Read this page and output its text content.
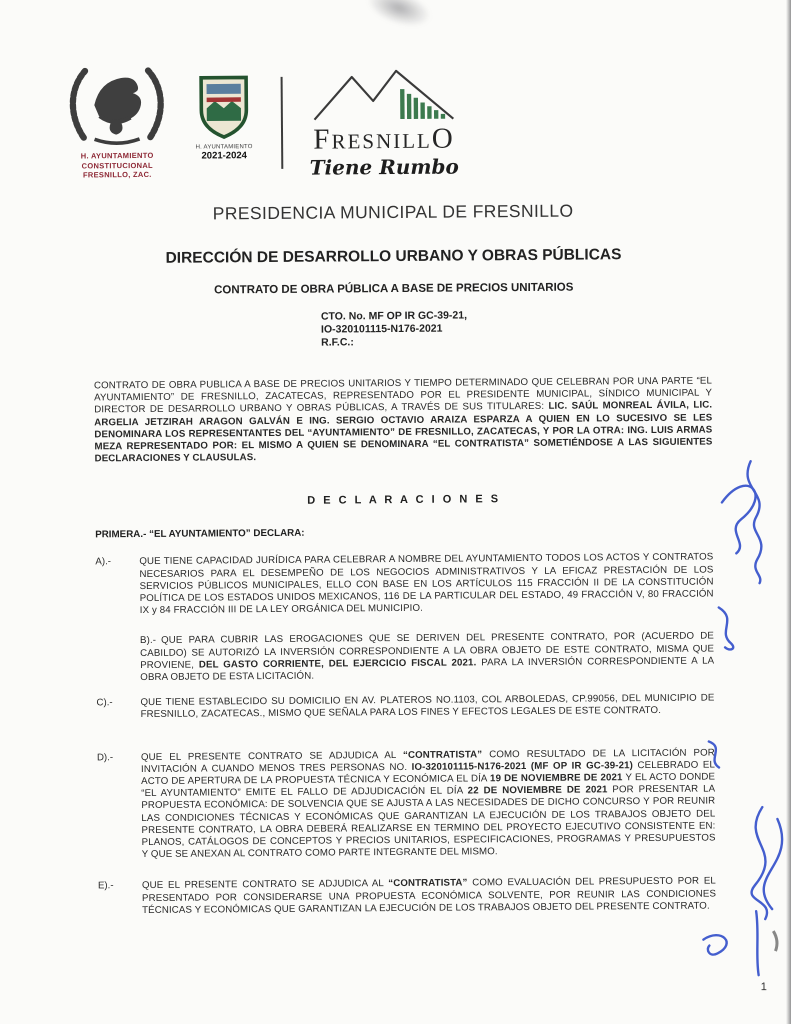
H. AYUNTAMIENTO
CONSTITUCIONAL
FRESNILLO, ZAC.
H. AYUNTAMIENTO
2021-2024
FRESNILLO
Tiene Rumbo
PRESIDENCIA MUNICIPAL DE FRESNILLO
DIRECCIÓN DE DESARROLLO URBANO Y OBRAS PÚBLICAS
CONTRATO DE OBRA PÚBLICA A BASE DE PRECIOS UNITARIOS
CTO. No. MF OP IR GC-39-21,
IO-320101115-N176-2021
R.F.C.:

CONTRATO DE OBRA PUBLICA A BASE DE PRECIOS UNITARIOS Y TIEMPO DETERMINADO QUE CELEBRAN POR UNA PARTE “EL AYUNTAMIENTO” DE FRESNILLO, ZACATECAS, REPRESENTADO POR EL PRESIDENTE MUNICIPAL, SÍNDICO MUNICIPAL Y DIRECTOR DE DESARROLLO URBANO Y OBRAS PÚBLICAS, A TRAVÉS DE SUS TITULARES: LIC. SAÚL MONREAL ÁVILA, LIC. ARGELIA JETZIRAH ARAGON GALVÁN E ING. SERGIO OCTAVIO ARAIZA ESPARZA A QUIEN EN LO SUCESIVO SE LES DENOMINARA LOS REPRESENTANTES DEL “AYUNTAMIENTO” DE FRESNILLO, ZACATECAS, Y POR LA OTRA: ING. LUIS ARMAS MEZA REPRESENTADO POR: EL MISMO A QUIEN SE DENOMINARA “EL CONTRATISTA” SOMETIÉNDOSE A LAS SIGUIENTES DECLARACIONES Y CLAUSULAS.

D E C L A R A C I O N E S
PRIMERA.- “EL AYUNTAMIENTO” DECLARA:
A).-	QUE TIENE CAPACIDAD JURÍDICA PARA CELEBRAR A NOMBRE DEL AYUNTAMIENTO TODOS LOS ACTOS Y CONTRATOS NECESARIOS PARA EL DESEMPEÑO DE LOS NEGOCIOS ADMINISTRATIVOS Y LA EFICAZ PRESTACIÓN DE LOS SERVICIOS PÚBLICOS MUNICIPALES, ELLO CON BASE EN LOS ARTÍCULOS 115 FRACCIÓN II DE LA CONSTITUCIÓN POLÍTICA DE LOS ESTADOS UNIDOS MEXICANOS, 116 DE LA PARTICULAR DEL ESTADO, 49 FRACCIÓN V, 80 FRACCIÓN IX y 84 FRACCIÓN III DE LA LEY ORGÁNICA DEL MUNICIPIO.

B).- QUE PARA CUBRIR LAS EROGACIONES QUE SE DERIVEN DEL PRESENTE CONTRATO, POR (ACUERDO DE CABILDO) SE AUTORIZÓ LA INVERSIÓN CORRESPONDIENTE A LA OBRA OBJETO DE ESTE CONTRATO, MISMA QUE PROVIENE, DEL GASTO CORRIENTE, DEL EJERCICIO FISCAL 2021. PARA LA INVERSIÓN CORRESPONDIENTE A LA OBRA OBJETO DE ESTA LICITACIÓN.

C).-	QUE TIENE ESTABLECIDO SU DOMICILIO EN AV. PLATEROS NO.1103, COL ARBOLEDAS, CP.99056, DEL MUNICIPIO DE FRESNILLO, ZACATECAS., MISMO QUE SEÑALA PARA LOS FINES Y EFECTOS LEGALES DE ESTE CONTRATO.

D).-	QUE EL PRESENTE CONTRATO SE ADJUDICA AL “CONTRATISTA” COMO RESULTADO DE LA LICITACIÓN POR INVITACIÓN A CUANDO MENOS TRES PERSONAS NO. IO-320101115-N176-2021 (MF OP IR GC-39-21) CELEBRADO EL ACTO DE APERTURA DE LA PROPUESTA TÉCNICA Y ECONÓMICA EL DÍA 19 DE NOVIEMBRE DE 2021 Y EL ACTO DONDE “EL AYUNTAMIENTO” EMITE EL FALLO DE ADJUDICACIÓN EL DÍA 22 DE NOVIEMBRE DE 2021 POR PRESENTAR LA PROPUESTA ECONÓMICA: DE SOLVENCIA QUE SE AJUSTA A LAS NECESIDADES DE DICHO CONCURSO Y POR REUNIR LAS CONDICIONES TÉCNICAS Y ECONÓMICAS QUE GARANTIZAN LA EJECUCIÓN DE LOS TRABAJOS OBJETO DEL PRESENTE CONTRATO, LA OBRA DEBERÁ REALIZARSE EN TERMINO DEL PROYECTO EJECUTIVO CONSISTENTE EN: PLANOS, CATÁLOGOS DE CONCEPTOS Y PRECIOS UNITARIOS, ESPECIFICACIONES, PROGRAMAS Y PRESUPUESTOS Y QUE SE ANEXAN AL CONTRATO COMO PARTE INTEGRANTE DEL MISMO.

E).-	QUE EL PRESENTE CONTRATO SE ADJUDICA AL “CONTRATISTA” COMO EVALUACIÓN DEL PRESUPUESTO POR EL PRESENTADO POR CONSIDERARSE UNA PROPUESTA ECONÓMICA SOLVENTE, POR REUNIR LAS CONDICIONES TÉCNICAS Y ECONÓMICAS QUE GARANTIZAN LA EJECUCIÓN DE LOS TRABAJOS OBJETO DEL PRESENTE CONTRATO.

1
